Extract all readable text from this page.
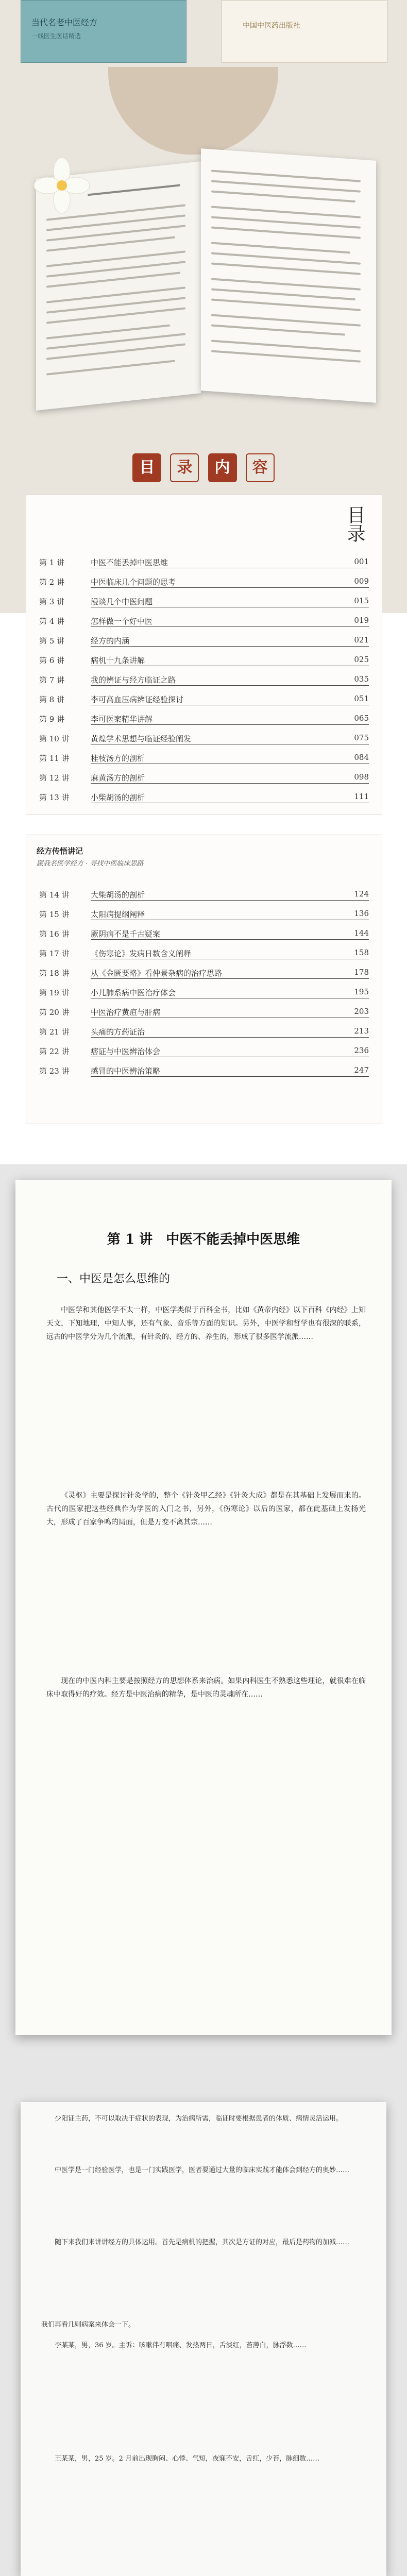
当代名老中医经方
一线医生医话精选
中国中医药出版社
目 录 内 容
目录
第 1 讲	中医不能丢掉中医思维	001
第 2 讲	中医临床几个问题的思考	009
第 3 讲	漫谈几个中医问题	015
第 4 讲	怎样做一个好中医	019
第 5 讲	经方的内涵	021
第 6 讲	病机十九条讲解	025
第 7 讲	我的辨证与经方临证之路	035
第 8 讲	李可高血压病辨证经验探讨	051
第 9 讲	李可医案精华讲解	065
第 10 讲	黄煌学术思想与临证经验阐发	075
第 11 讲	桂枝汤方的剖析	084
第 12 讲	麻黄汤方的剖析	098
第 13 讲	小柴胡汤的剖析	111
经方传悟讲记
跟我名医学经方 · 寻找中医临床思路
第 14 讲	大柴胡汤的剖析	124
第 15 讲	太阳病提纲阐释	136
第 16 讲	厥阴病不是千古疑案	144
第 17 讲	《伤寒论》发病日数含义阐释	158
第 18 讲	从《金匮要略》看仲景杂病的治疗思路	178
第 19 讲	小儿肺系病中医治疗体会	195
第 20 讲	中医治疗黄疸与肝病	203
第 21 讲	头痛的方药证治	213
第 22 讲	痞证与中医辨治体会	236
第 23 讲	感冒的中医辨治策略	247
第 1 讲　中医不能丢掉中医思维
一、中医是怎么思维的
中医学和其他医学不太一样，中医学类似于百科全书，比如《黄帝内经》以下百科《内经》上知天文，下知地理，中知人事，还有气象、音乐等方面的知识。另外，中医学和哲学也有很深的联系，远古的中医学分为几个流派，有针灸的、经方的、养生的，形成了很多医学流派……
《灵枢》主要是探讨针灸学的，整个《针灸甲乙经》《针灸大成》都是在其基础上发展而来的。古代的医家把这些经典作为学医的入门之书，另外，《伤寒论》以后的医家，都在此基础上发扬光大，形成了百家争鸣的局面，但是万变不离其宗……
现在的中医内科主要是按照经方的思想体系来治病。如果内科医生不熟悉这些理论，就很难在临床中取得好的疗效。经方是中医治病的精华，是中医的灵魂所在……
少阳证主药，不可以取决于症状的表现，为治病所需，临证时要根据患者的体质、病情灵活运用。
中医学是一门经验医学，也是一门实践医学，医者要通过大量的临床实践才能体会到经方的奥妙……
随下来我们来讲讲经方的具体运用。首先是病机的把握，其次是方证的对应，最后是药物的加减……
我们再看几则病案来体会一下。
李某某，男，36 岁。主诉：咳嗽伴有咽痛、发热两日，舌淡红，苔薄白，脉浮数……
王某某，男，25 岁。2 月前出现胸闷、心悸、气短，夜寐不安，舌红，少苔，脉细数……
